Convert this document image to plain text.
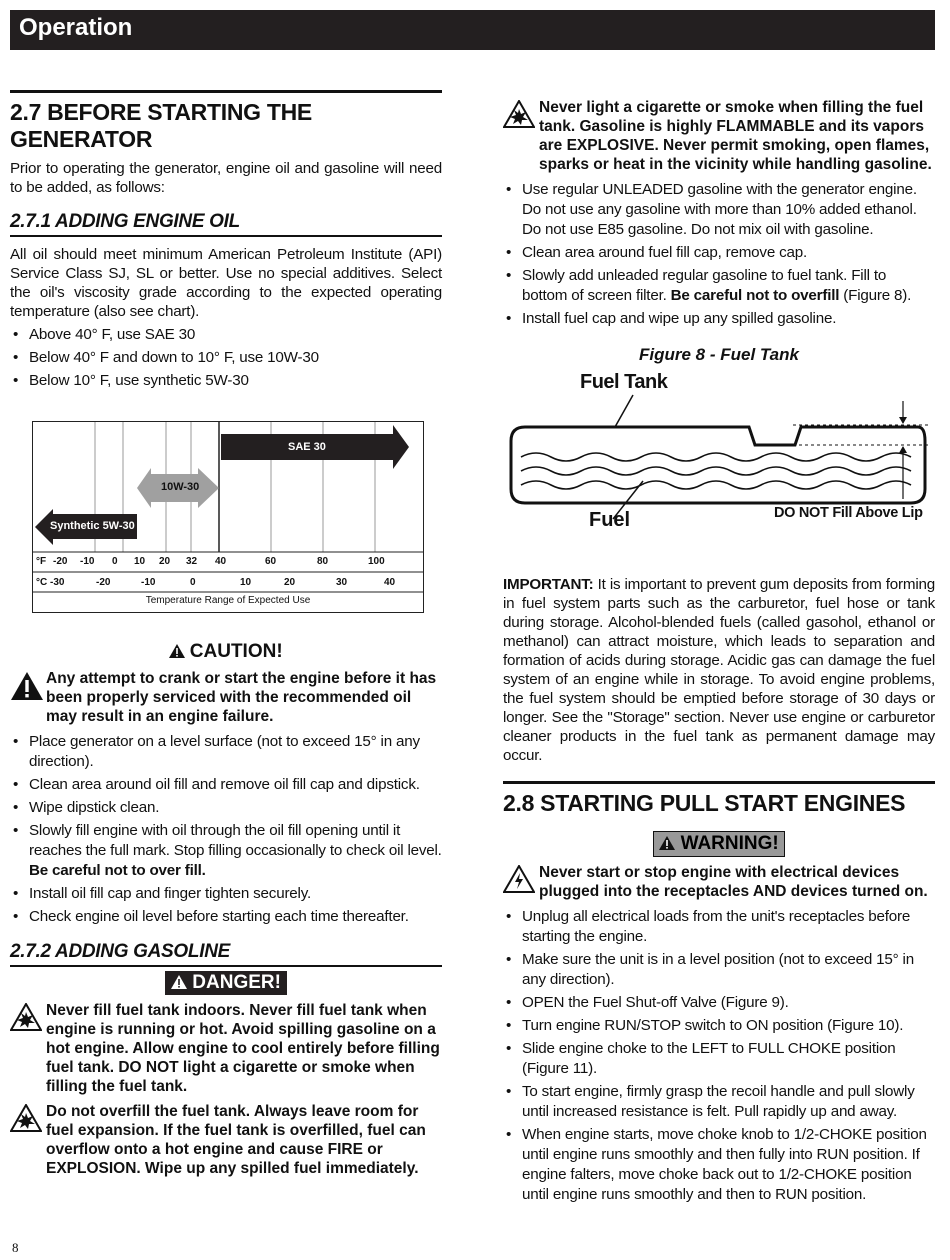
Operation
2.7 BEFORE STARTING THE GENERATOR

Prior to operating the generator, engine oil and gasoline will need to be added, as follows:

2.7.1 ADDING ENGINE OIL

All oil should meet minimum American Petroleum Institute (API) Service Class SJ, SL or better. Use no special additives. Select the oil's viscosity grade according to the expected operating temperature (also see chart).

• Above 40° F, use SAE 30
• Below 40° F and down to 10° F, use 10W-30
• Below 10° F, use synthetic 5W-30
SAE 30
10W-30
Synthetic 5W-30
°F -20 -10 0 10 20 32 40	60	80	100
°C -30	-20	-10	0	10	20	30	40
Temperature Range of Expected Use
CAUTION!
Any attempt to crank or start the engine before it has been properly serviced with the recommended oil may result in an engine failure.
• Place generator on a level surface (not to exceed 15° in any direction).
• Clean area around oil fill and remove oil fill cap and dipstick.
• Wipe dipstick clean.
• Slowly fill engine with oil through the oil fill opening until it reaches the full mark. Stop filling occasionally to check oil level.
Be careful not to over fill.
• Install oil fill cap and finger tighten securely.
• Check engine oil level before starting each time thereafter.
2.7.2 ADDING GASOLINE
DANGER!
Never fill fuel tank indoors. Never fill fuel tank when engine is running or hot. Avoid spilling gasoline on a hot engine. Allow engine to cool entirely before filling fuel tank. DO NOT light a cigarette or smoke when filling the fuel tank.
Do not overfill the fuel tank. Always leave room for fuel expansion. If the fuel tank is overfilled, fuel can overflow onto a hot engine and cause FIRE or EXPLOSION. Wipe up any spilled fuel immediately.
Never light a cigarette or smoke when filling the fuel tank. Gasoline is highly FLAMMABLE and its vapors are EXPLOSIVE. Never permit smoking, open flames, sparks or heat in the vicinity while handling gasoline.
• Use regular UNLEADED gasoline with the generator engine. Do not use any gasoline with more than 10% added ethanol. Do not use E85 gasoline. Do not mix oil with gasoline.
• Clean area around fuel fill cap, remove cap.
• Slowly add unleaded regular gasoline to fuel tank. Fill to bottom of screen filter. Be careful not to overfill (Figure 8).
• Install fuel cap and wipe up any spilled gasoline.
Figure 8 - Fuel Tank
Fuel Tank
Fuel	DO NOT Fill Above Lip

IMPORTANT: It is important to prevent gum deposits from forming in fuel system parts such as the carburetor, fuel hose or tank during storage. Alcohol-blended fuels (called gasohol, ethanol or methanol) can attract moisture, which leads to separation and formation of acids during storage. Acidic gas can damage the fuel system of an engine while in storage. To avoid engine problems, the fuel system should be emptied before storage of 30 days or longer. See the "Storage" section. Never use engine or carburetor cleaner products in the fuel tank as permanent damage may occur.

2.8 STARTING PULL START ENGINES
WARNING!
Never start or stop engine with electrical devices plugged into the receptacles AND devices turned on.
• Unplug all electrical loads from the unit's receptacles before starting the engine.
• Make sure the unit is in a level position (not to exceed 15° in any direction).
• OPEN the Fuel Shut-off Valve (Figure 9).
• Turn engine RUN/STOP switch to ON position (Figure 10).
• Slide engine choke to the LEFT to FULL CHOKE position (Figure 11).
• To start engine, firmly grasp the recoil handle and pull slowly until increased resistance is felt. Pull rapidly up and away.
• When engine starts, move choke knob to 1/2-CHOKE position until engine runs smoothly and then fully into RUN position. If engine falters, move choke back out to 1/2-CHOKE position until engine runs smoothly and then to RUN position.
8
